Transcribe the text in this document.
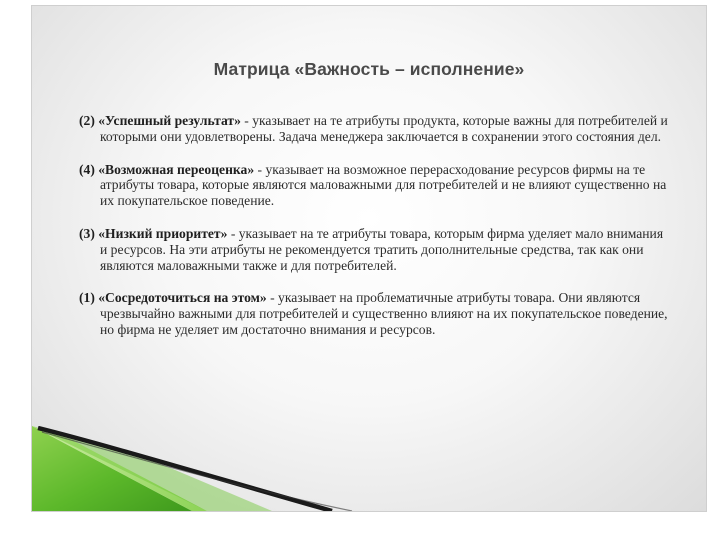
Матрица «Важность – исполнение»

(2) «Успешный результат» - указывает на те атрибуты продукта, которые важны для потребителей и которыми они удовлетворены. Задача менеджера заключается в сохранении этого состояния дел.

(4) «Возможная переоценка» - указывает на возможное перерасходование ресурсов фирмы на те атрибуты товара, которые являются маловажными для потребителей и не влияют существенно на их покупательское поведение.

(3) «Низкий приоритет» - указывает на те атрибуты товара, которым фирма уделяет мало внимания и ресурсов. На эти атрибуты не рекомендуется тратить дополнительные средства, так как они являются маловажными также и для потребителей.

(1) «Сосредоточиться на этом» - указывает на проблематичные атрибуты товара. Они являются чрезвычайно важными для потребителей и существенно влияют на их покупательское поведение, но фирма не уделяет им достаточно внимания и ресурсов.
